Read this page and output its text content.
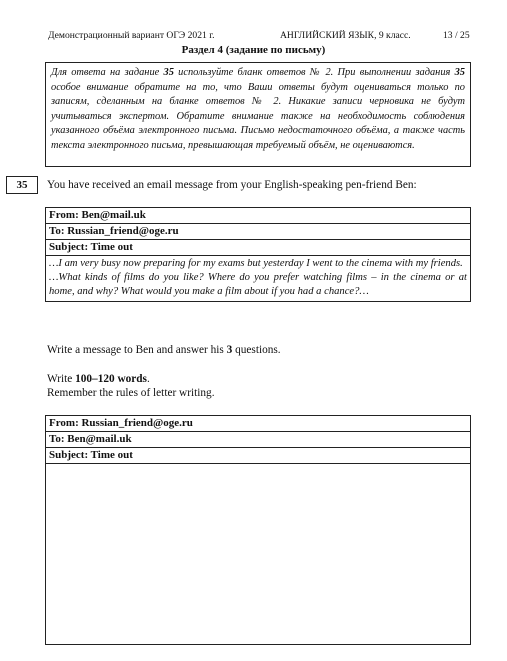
Демонстрационный вариант ОГЭ 2021 г.	АНГЛИЙСКИЙ ЯЗЫК, 9 класс.	13 / 25
Раздел 4 (задание по письму)
Для ответа на задание 35 используйте бланк ответов № 2. При выполнении задания 35 особое внимание обратите на то, что Ваши ответы будут оцениваться только по записям, сделанным на бланке ответов № 2. Никакие записи черновика не будут учитываться экспертом. Обратите внимание также на необходимость соблюдения указанного объёма электронного письма. Письмо недостаточного объёма, а также часть текста электронного письма, превышающая требуемый объём, не оцениваются.
35	You have received an email message from your English-speaking pen-friend Ben:
From: Ben@mail.uk
To: Russian_friend@oge.ru
Subject: Time out

…I am very busy now preparing for my exams but yesterday I went to the cinema with my friends.

…What kinds of films do you like? Where do you prefer watching films – in the cinema or at home, and why? What would you make a film about if you had a chance?…

Write a message to Ben and answer his 3 questions.
Write 100–120 words.
Remember the rules of letter writing.
From: Russian_friend@oge.ru
To: Ben@mail.uk
Subject: Time out
